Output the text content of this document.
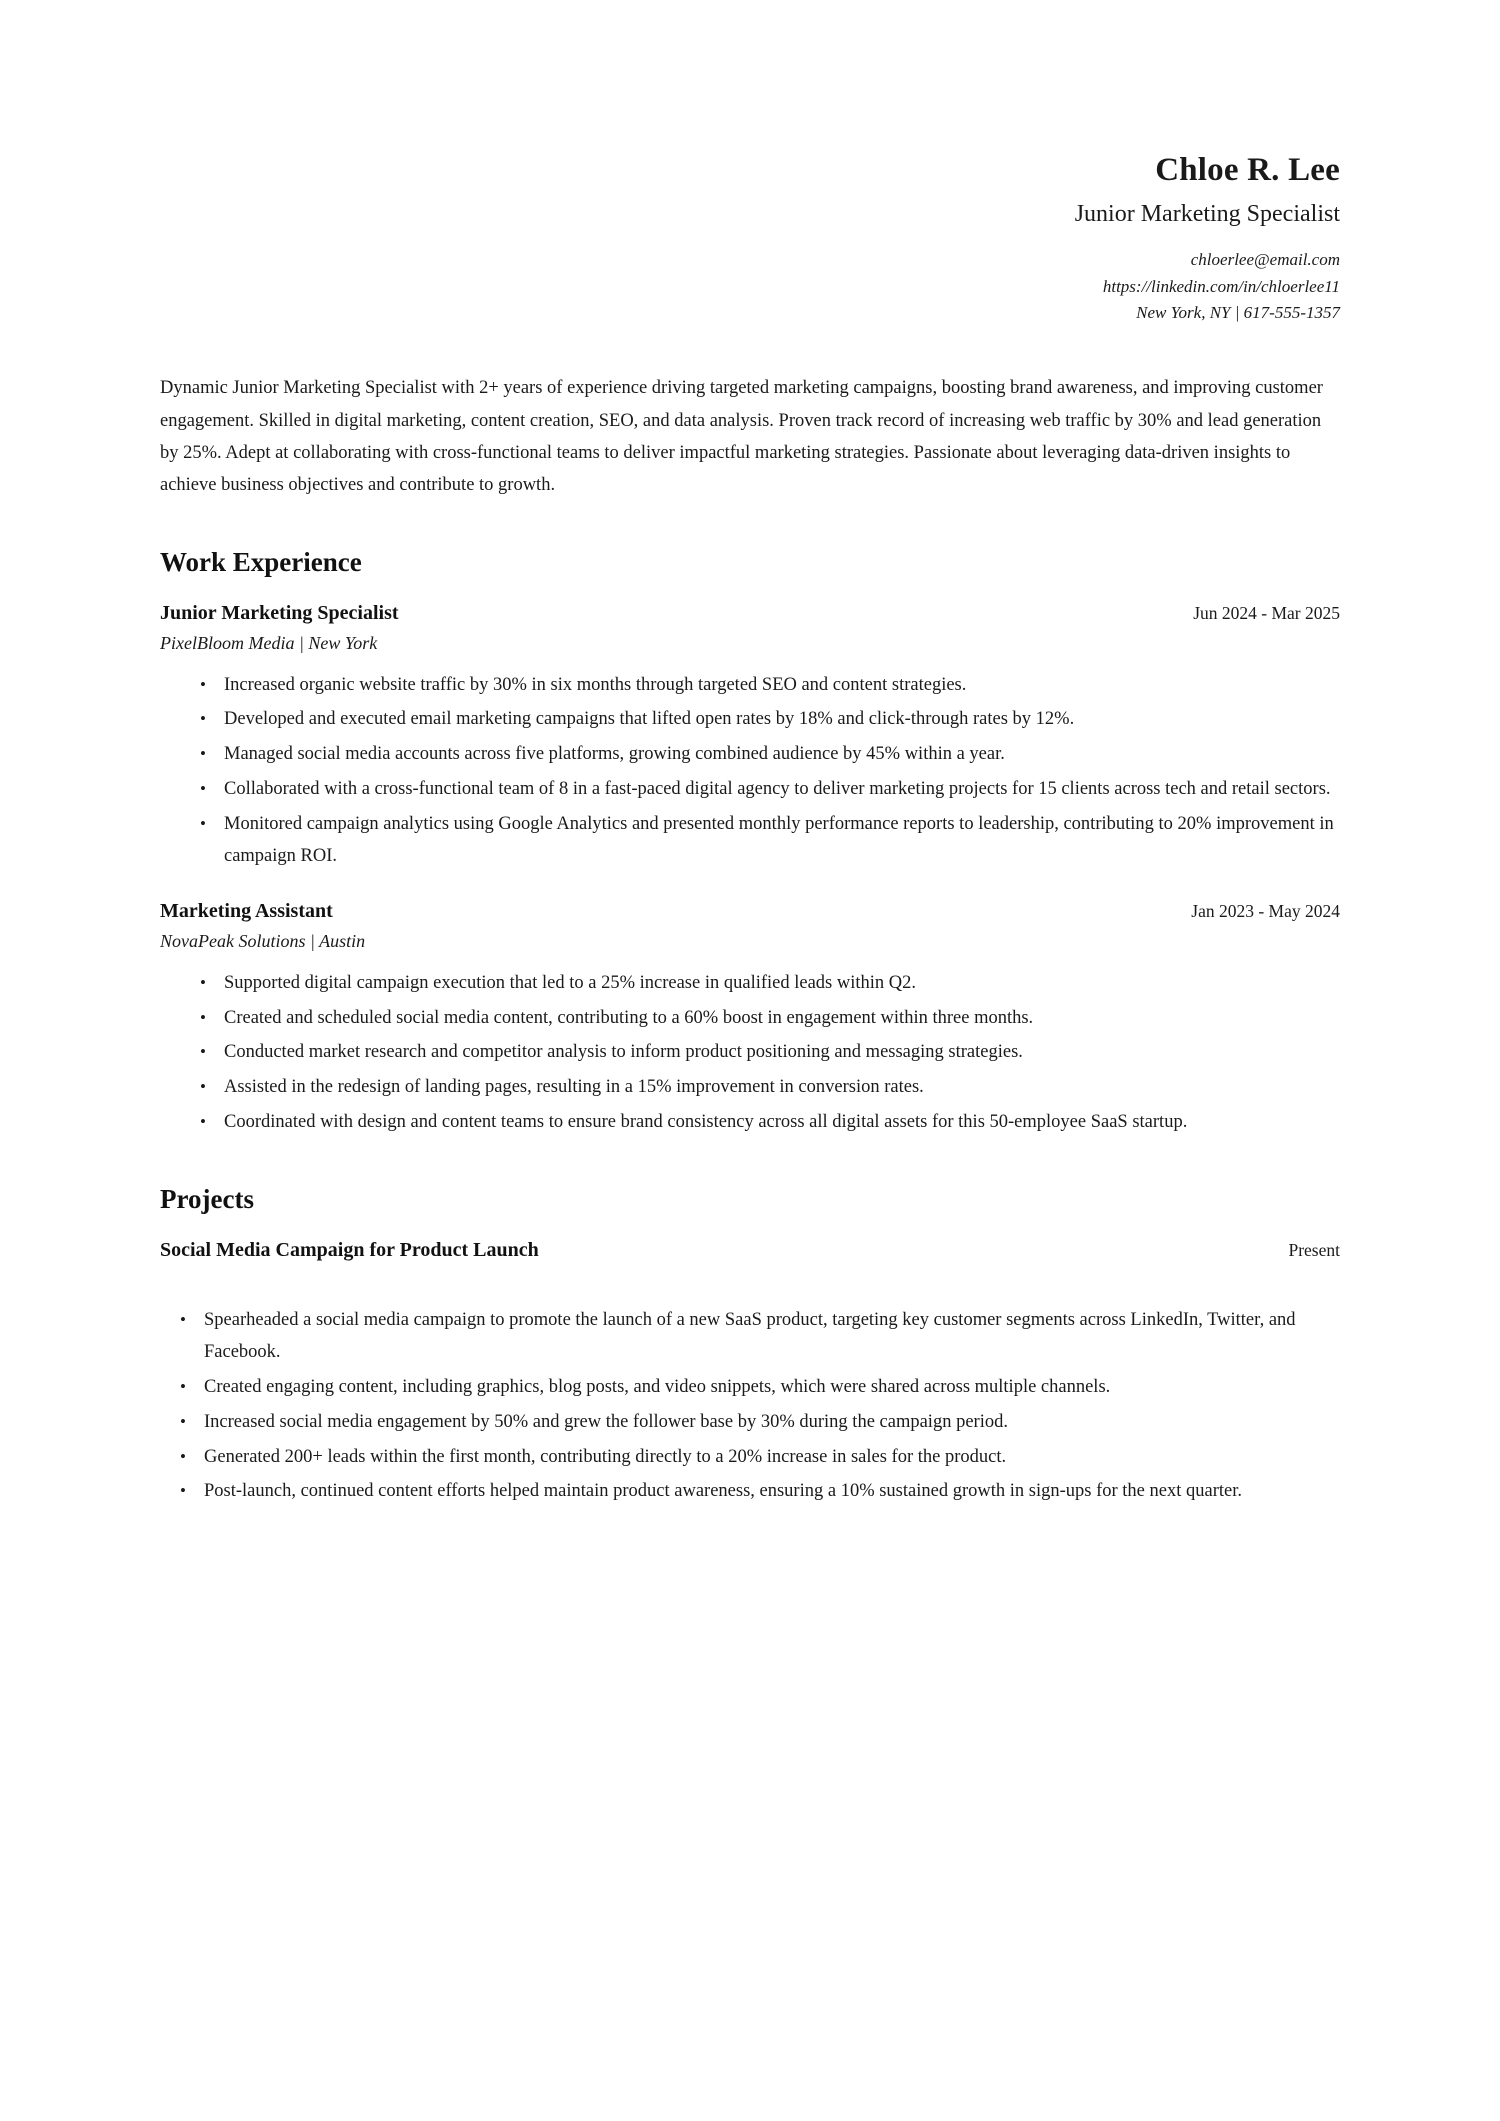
Chloe R. Lee
Junior Marketing Specialist
chloerlee@email.com
https://linkedin.com/in/chloerlee11
New York, NY | 617-555-1357
Dynamic Junior Marketing Specialist with 2+ years of experience driving targeted marketing campaigns, boosting brand awareness, and improving customer engagement. Skilled in digital marketing, content creation, SEO, and data analysis. Proven track record of increasing web traffic by 30% and lead generation by 25%. Adept at collaborating with cross-functional teams to deliver impactful marketing strategies. Passionate about leveraging data-driven insights to achieve business objectives and contribute to growth.
Work Experience
Junior Marketing Specialist	Jun 2024 - Mar 2025
PixelBloom Media | New York
• Increased organic website traffic by 30% in six months through targeted SEO and content strategies.
• Developed and executed email marketing campaigns that lifted open rates by 18% and click-through rates by 12%.
• Managed social media accounts across five platforms, growing combined audience by 45% within a year.
• Collaborated with a cross-functional team of 8 in a fast-paced digital agency to deliver marketing projects for 15 clients across tech and retail sectors.
• Monitored campaign analytics using Google Analytics and presented monthly performance reports to leadership, contributing to 20% improvement in campaign ROI.
Marketing Assistant	Jan 2023 - May 2024
NovaPeak Solutions | Austin
• Supported digital campaign execution that led to a 25% increase in qualified leads within Q2.
• Created and scheduled social media content, contributing to a 60% boost in engagement within three months.
• Conducted market research and competitor analysis to inform product positioning and messaging strategies.
• Assisted in the redesign of landing pages, resulting in a 15% improvement in conversion rates.
• Coordinated with design and content teams to ensure brand consistency across all digital assets for this 50-employee SaaS startup.
Projects
Social Media Campaign for Product Launch	Present
• Spearheaded a social media campaign to promote the launch of a new SaaS product, targeting key customer segments across LinkedIn, Twitter, and Facebook.
• Created engaging content, including graphics, blog posts, and video snippets, which were shared across multiple channels.
• Increased social media engagement by 50% and grew the follower base by 30% during the campaign period.
• Generated 200+ leads within the first month, contributing directly to a 20% increase in sales for the product.
• Post-launch, continued content efforts helped maintain product awareness, ensuring a 10% sustained growth in sign-ups for the next quarter.
